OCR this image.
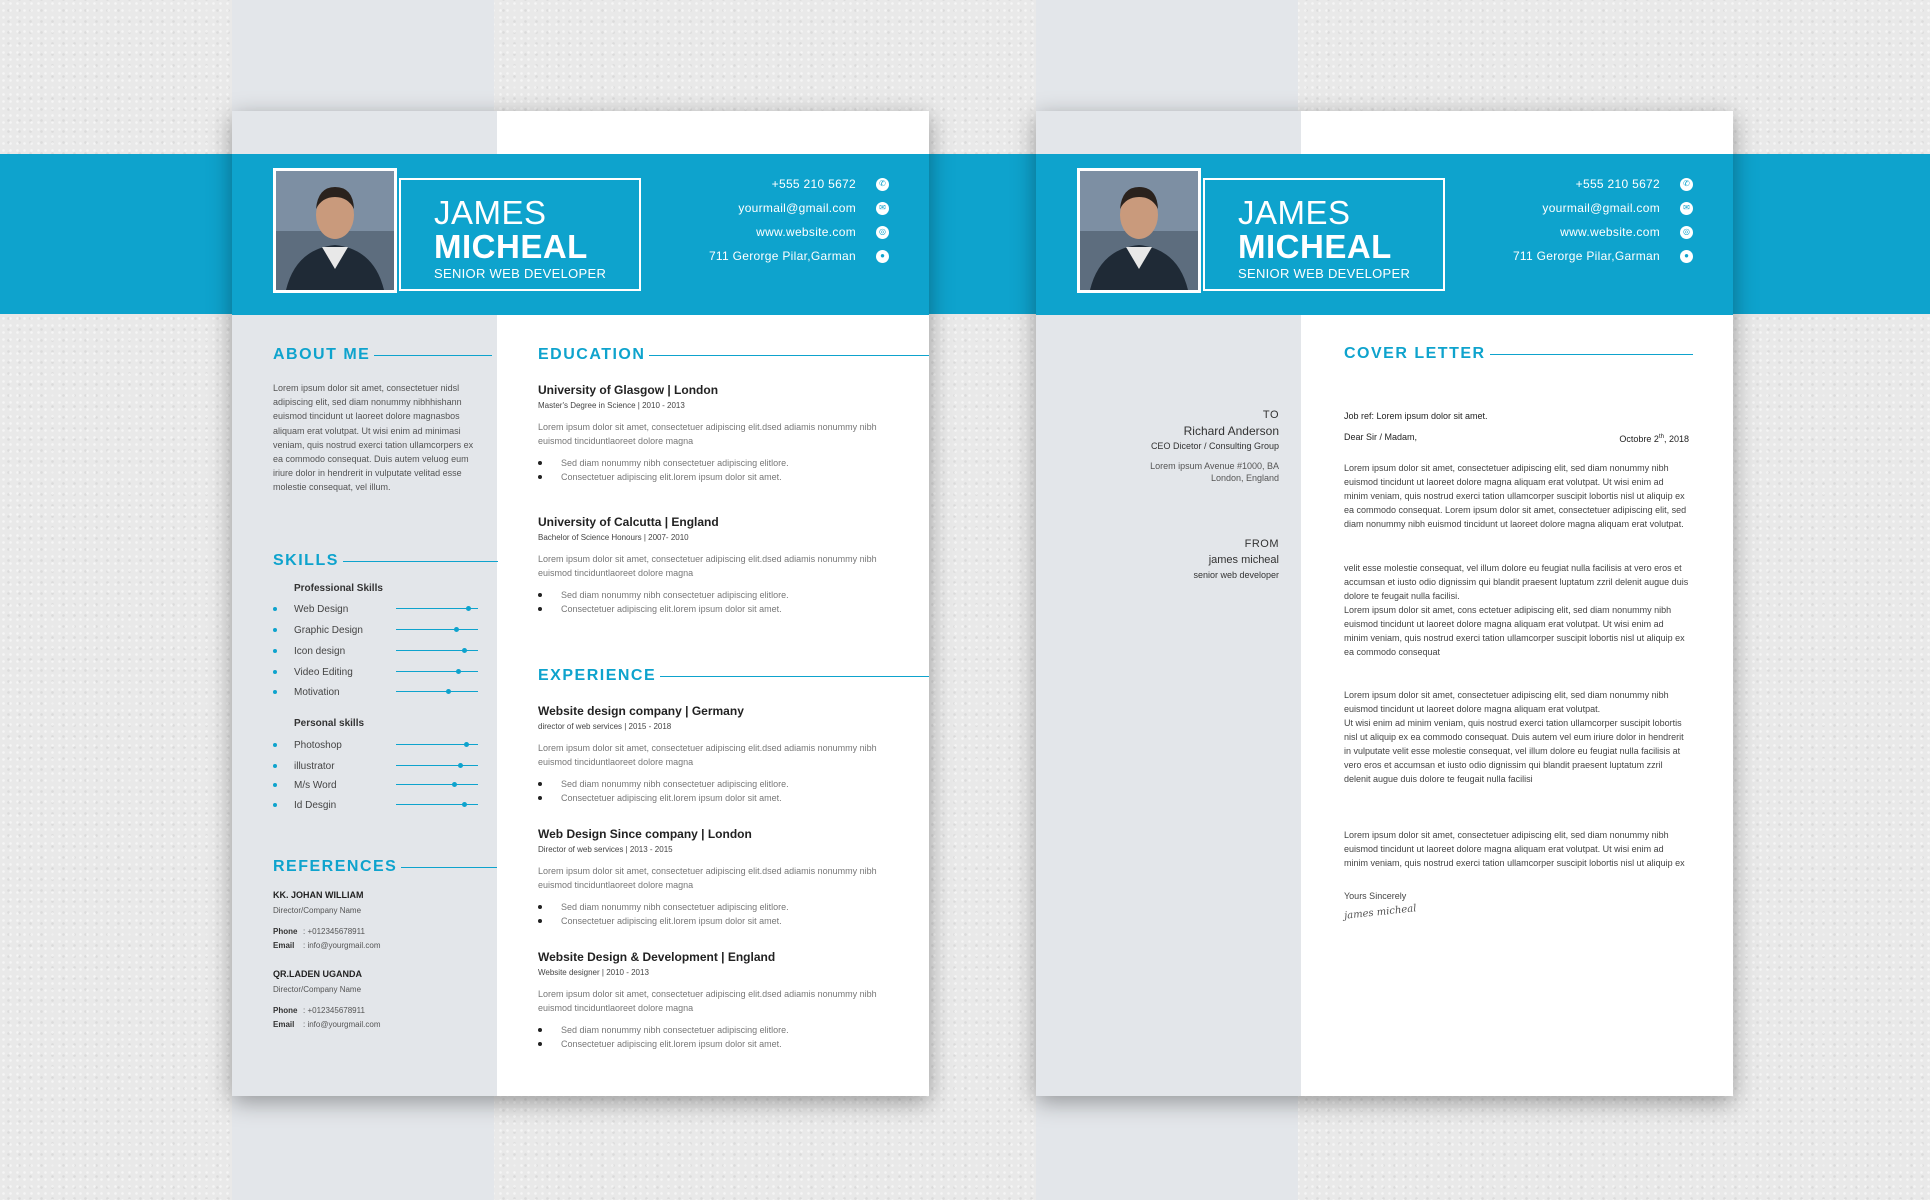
JAMES
MICHEAL
SENIOR WEB DEVELOPER
+555 210 5672	✆
yourmail@gmail.com	✉
www.website.com	◎
711 Gerorge Pilar,Garman	●
ABOUT ME
Lorem ipsum dolor sit amet, consectetuer nidsl adipiscing elit, sed diam nonummy nibhhishann euismod tincidunt ut laoreet dolore magnasbos aliquam erat volutpat. Ut wisi enim ad minimasi veniam, quis nostrud exerci tation ullamcorpers ex ea commodo consequat. Duis autem veluog eum iriure dolor in hendrerit in vulputate velitad esse molestie consequat, vel illum.
SKILLS
Professional Skills
Web Design
Graphic Design
Icon design
Video Editing
Motivation
Personal skills
Photoshop
illustrator
M/s Word
Id Desgin
REFERENCES
KK. JOHAN WILLIAM
Director/Company Name
Phone : +012345678911
Email : info@yourgmail.com
QR.LADEN UGANDA
Director/Company Name
Phone : +012345678911
Email : info@yourgmail.com
EDUCATION
University of Glasgow | London
Master's Degree in Science | 2010 - 2013
Lorem ipsum dolor sit amet, consectetuer adipiscing elit.dsed adiamis nonummy nibh euismod tinciduntlaoreet dolore magna
Sed diam nonummy nibh consectetuer adipiscing elitlore.
Consectetuer adipiscing elit.lorem ipsum dolor sit amet.
University of Calcutta | England
Bachelor of Science Honours | 2007- 2010
Lorem ipsum dolor sit amet, consectetuer adipiscing elit.dsed adiamis nonummy nibh euismod tinciduntlaoreet dolore magna
Sed diam nonummy nibh consectetuer adipiscing elitlore.
Consectetuer adipiscing elit.lorem ipsum dolor sit amet.
EXPERIENCE
Website design company | Germany
director of web services | 2015 - 2018
Lorem ipsum dolor sit amet, consectetuer adipiscing elit.dsed adiamis nonummy nibh euismod tinciduntlaoreet dolore magna
Sed diam nonummy nibh consectetuer adipiscing elitlore.
Consectetuer adipiscing elit.lorem ipsum dolor sit amet.
Web Design Since company | London
Director of web services | 2013 - 2015
Lorem ipsum dolor sit amet, consectetuer adipiscing elit.dsed adiamis nonummy nibh euismod tinciduntlaoreet dolore magna
Sed diam nonummy nibh consectetuer adipiscing elitlore.
Consectetuer adipiscing elit.lorem ipsum dolor sit amet.
Website Design & Development | England
Website designer | 2010 - 2013
Lorem ipsum dolor sit amet, consectetuer adipiscing elit.dsed adiamis nonummy nibh euismod tinciduntlaoreet dolore magna
Sed diam nonummy nibh consectetuer adipiscing elitlore.
Consectetuer adipiscing elit.lorem ipsum dolor sit amet.
JAMES
MICHEAL
SENIOR WEB DEVELOPER
+555 210 5672	✆
yourmail@gmail.com	✉
www.website.com	◎
711 Gerorge Pilar,Garman	●
TO
Richard Anderson
CEO Dicetor / Consulting Group
Lorem ipsum Avenue #1000, BA
London, England
FROM
james micheal
senior web developer
COVER LETTER

Job ref: Lorem ipsum dolor sit amet.

Dear Sir / Madam,	Octobre 2th, 2018

Lorem ipsum dolor sit amet, consectetuer adipiscing elit, sed diam nonummy nibh euismod tincidunt ut laoreet dolore magna aliquam erat volutpat. Ut wisi enim ad minim veniam, quis nostrud exerci tation ullamcorper suscipit lobortis nisl ut aliquip ex ea commodo consequat. Lorem ipsum dolor sit amet, consectetuer adipiscing elit, sed diam nonummy nibh euismod tincidunt ut laoreet dolore magna aliquam erat volutpat.

velit esse molestie consequat, vel illum dolore eu feugiat nulla facilisis at vero eros et accumsan et iusto odio dignissim qui blandit praesent luptatum zzril delenit augue duis dolore te feugait nulla facilisi.
Lorem ipsum dolor sit amet, cons ectetuer adipiscing elit, sed diam nonummy nibh euismod tincidunt ut laoreet dolore magna aliquam erat volutpat. Ut wisi enim ad minim veniam, quis nostrud exerci tation ullamcorper suscipit lobortis nisl ut aliquip ex ea commodo consequat

Lorem ipsum dolor sit amet, consectetuer adipiscing elit, sed diam nonummy nibh euismod tincidunt ut laoreet dolore magna aliquam erat volutpat.
Ut wisi enim ad minim veniam, quis nostrud exerci tation ullamcorper suscipit lobortis nisl ut aliquip ex ea commodo consequat. Duis autem vel eum iriure dolor in hendrerit in vulputate velit esse molestie consequat, vel illum dolore eu feugiat nulla facilisis at vero eros et accumsan et iusto odio dignissim qui blandit praesent luptatum zzril delenit augue duis dolore te feugait nulla facilisi

Lorem ipsum dolor sit amet, consectetuer adipiscing elit, sed diam nonummy nibh euismod tincidunt ut laoreet dolore magna aliquam erat volutpat. Ut wisi enim ad minim veniam, quis nostrud exerci tation ullamcorper suscipit lobortis nisl ut aliquip ex

Yours Sincerely

james micheal
